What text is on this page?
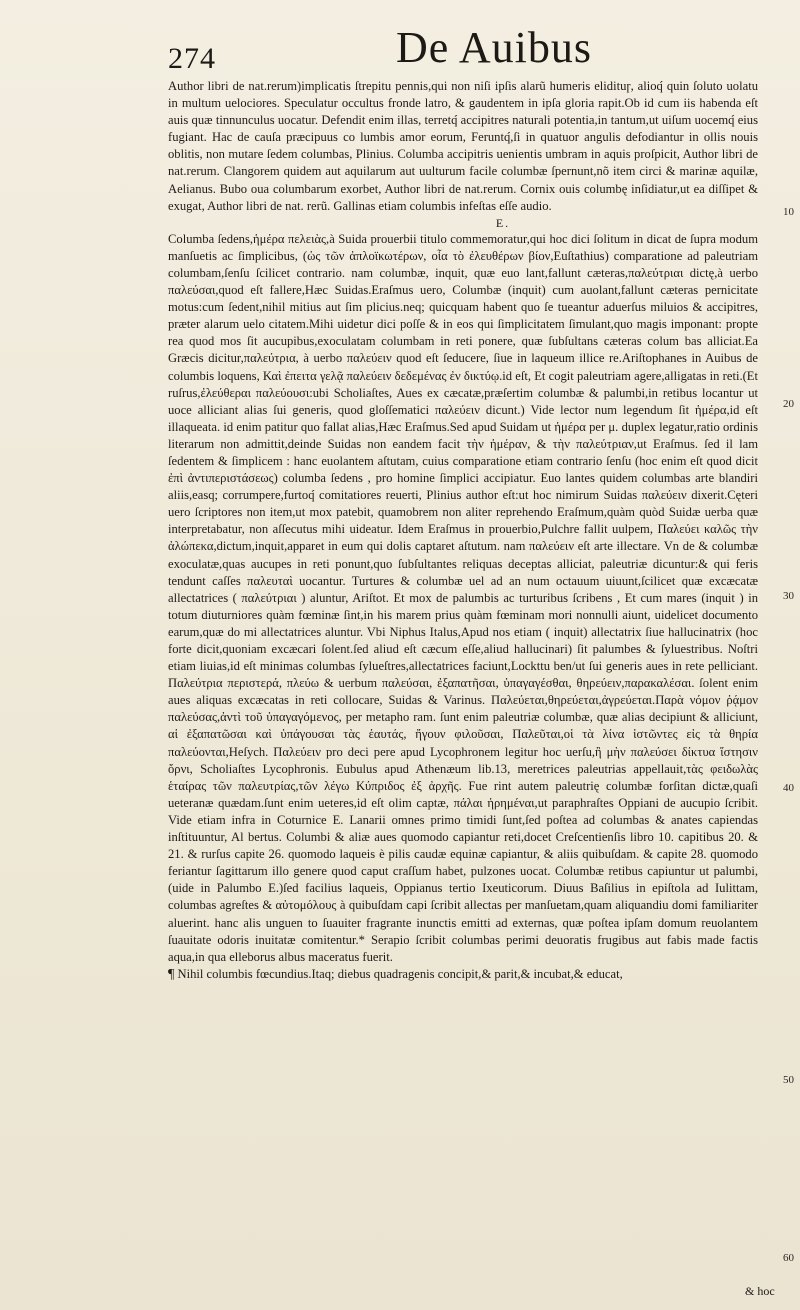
274	De Auibus
Author libri de nat.rerum)implicatis ſtrepitu pennis,qui non niſi ipſis alarũ humeris elidituɼ, alioq́ quin ſoluto uolatu in multum uelociores. Speculatur occultus fronde latro, & gaudentem in ipſa gloria rapit.Ob id cum iis habenda eſt auis quæ tinnunculus uocatur. Defendit enim illas, terretq́ accipitres naturali potentia,in tantum,ut uiſum uocemq́ eius fugiant. Hac de cauſa præcipuus co lumbis amor eorum, Feruntq́,ſi in quatuor angulis defodiantur in ollis nouis oblitis, non mutare ſedem columbas, Plinius. Columba accipitris uenientis umbram in aquis proſpicit, Author libri de nat.rerum. Clangorem quidem aut aquilarum aut uulturum facile columbæ ſpernunt,nõ item circi & marinæ aquilæ, Aelianus. Bubo oua columbarum exorbet, Author libri de nat.rerum. Cornix ouis columbę inſidiatur,ut ea diſſipet & exugat, Author libri de nat. rerũ. Gallinas etiam columbis infeſtas eſſe audio.
E.
Columba ſedens,ἡμέρα πελειὰς,à Suida prouerbii titulo commemoratur,qui hoc dici ſolitum in dicat de ſupra modum manſuetis ac ſimplicibus, (ὡς τῶν ἀπλοϊκωτέρων, οἷα τὸ ἐλευθέρων βίον,Euſtathius) comparatione ad paleutriam columbam,ſenſu ſcilicet contrario. nam columbæ, inquit, quæ euo lant,fallunt cæteras,παλεύτριαι dictę,à uerbo παλεύσαι,quod eſt fallere,Hæc Suidas.Eraſmus uero, Columbæ (inquit) cum auolant,fallunt cæteras pernicitate motus:cum ſedent,nihil mitius aut ſim plicius.neq; quicquam habent quo ſe tueantur aduerſus miluios & accipitres, præter alarum uelo citatem.Mihi uidetur dici poſſe & in eos qui ſimplicitatem ſimulant,quo magis imponant: propte rea quod mos ſit aucupibus,exoculatam columbam in reti ponere, quæ ſubſultans cæteras colum bas alliciat.Ea Græcis dicitur,παλεύτρια, à uerbo παλεύειν quod eſt ſeducere, ſiue in laqueum illice re.Ariſtophanes in Auibus de columbis loquens, Καὶ ἐπειτα γελᾷ παλεύειν δεδεμένας ἐν δικτύῳ.id eſt, Et cogit paleutriam agere,alligatas in reti.(Et ruſrus,ἐλεύθεραι παλεύουσι:ubi Scholiaſtes, Aues ex cæcatæ,præſertim columbæ & palumbi,in retibus locantur ut uoce alliciant alias ſui generis, quod gloſſematici παλεύειν dicunt.) Vide lector num legendum ſit ἡμέρα,id eſt illaqueata. id enim patitur quo fallat alias,Hæc Eraſmus.Sed apud Suidam ut ἡμέρα per μ. duplex legatur,ratio ordinis literarum non admittit,deinde Suidas non eandem facit τὴν ἡμέραν, & τὴν παλεύτριαν,ut Eraſmus. ſed il lam ſedentem & ſimplicem : hanc euolantem aſtutam, cuius comparatione etiam contrario ſenſu (hoc enim eſt quod dicit ἐπὶ ἀντιπεριστάσεως) columba ſedens , pro homine ſimplici accipiatur. Euo lantes quidem columbas arte blandiri aliis,easq; corrumpere,furtoq́ comitatiores reuerti, Plinius author eſt:ut hoc nimirum Suidas παλεύειν dixerit.Cęteri uero ſcriptores non item,ut mox patebit, quamobrem non aliter reprehendo Eraſmum,quàm quòd Suidæ uerba quæ interpretabatur, non aſſecutus mihi uideatur. Idem Eraſmus in prouerbio,Pulchre fallit uulpem, Παλεύει καλῶς τὴν ἀλώπεκα,dictum,inquit,apparet in eum qui dolis captaret aſtutum. nam παλεύειν eſt arte illectare. Vn de & columbæ exoculatæ,quas aucupes in reti ponunt,quo ſubſultantes reliquas deceptas alliciat, paleutriæ dicuntur:& qui feris tendunt caſſes παλευταὶ uocantur. Turtures & columbæ uel ad an num octauum uiuunt,ſcilicet quæ excæcatæ allectatrices ( παλεύτριαι ) aluntur, Ariſtot. Et mox de palumbis ac turturibus ſcribens , Et cum mares (inquit ) in totum diuturniores quàm fœminæ ſint,in his marem prius quàm fœminam mori nonnulli aiunt, uidelicet documento earum,quæ do mi allectatrices aluntur. Vbi Niphus Italus,Apud nos etiam ( inquit) allectatrix ſiue hallucinatrix (hoc forte dicit,quoniam excæcari ſolent.ſed aliud eſt cæcum eſſe,aliud hallucinari) ſit palumbes & ſyluestribus. Noſtri etiam liuias,id eſt minimas columbas ſylueſtres,allectatrices faciunt,Lockttu ben/ut ſui generis aues in rete pelliciant. Παλεύτρια περιστερά, πλεύω & uerbum παλεύσαι, ἐξαπατῆσαι, ὑπαγαγέσθαι, θηρεύειν,παρακαλέσαι. ſolent enim aues aliquas excæcatas in reti collocare, Suidas & Varinus. Παλεύεται,θηρεύεται,ἀγρεύεται.Παρὰ νόμον ῥᾴμον παλεύσας,ἀντὶ τοῦ ὑπαγαγόμενος, per metapho ram. ſunt enim paleutriæ columbæ, quæ alias decipiunt & alliciunt, αἱ ἐξαπατῶσαι καὶ ὑπάγουσαι τὰς ἑαυτάς, ἤγουν φιλοῦσαι, Παλεῦται,οἱ τὰ λίνα ἱστῶντες εἰς τὰ θηρία παλεύονται,Heſych. Παλεύειν pro deci pere apud Lycophronem legitur hoc uerſu,ἢ μὴν παλεύσει δίκτυα ἵστησιν ὄρνι, Scholiaſtes Lycophronis. Eubulus apud Athenæum lib.13, meretrices paleutrias appellauit,τὰς φειδωλὰς ἑταίρας τῶν παλευτρίας,τῶν λέγω Κύπριδος ἐξ ἀρχῆς. Fue rint autem paleutrię columbæ forſitan dictæ,quaſi ueteranæ quædam.ſunt enim ueteres,id eſt olim captæ, πάλαι ἡρημέναι,ut paraphraſtes Oppiani de aucupio ſcribit. Vide etiam infra in Coturnice E. Lanarii omnes primo timidi ſunt,ſed poſtea ad columbas & anates capiendas inſtituuntur, Al bertus. Columbi & aliæ aues quomodo capiantur reti,docet Creſcentienſis libro 10. capitibus 20. & 21. & rurſus capite 26. quomodo laqueis è pilis caudæ equinæ capiantur, & aliis quibuſdam. & capite 28. quomodo feriantur ſagittarum illo genere quod caput craſſum habet, pulzones uocat. Columbæ retibus capiuntur ut palumbi,(uide in Palumbo E.)ſed facilius laqueis, Oppianus tertio Ixeuticorum. Diuus Baſilius in epiſtola ad Iulittam, columbas agreſtes & αὐτομόλους à quibuſdam capi ſcribit allectas per manſuetam,quam aliquandiu domi familiariter aluerint. hanc alis unguen to ſuauiter fragrante inunctis emitti ad externas, quæ poſtea ipſam domum reuolantem ſuauitate odoris inuitatæ comitentur.* Serapio ſcribit columbas perimi deuoratis frugibus aut fabis made factis aqua,in qua elleborus albus maceratus fuerit.
¶ Nihil columbis fœcundius.Itaq; diebus quadragenis concipit,& parit,& incubat,& educat,
10
20
30
40
50
60
& hoc
